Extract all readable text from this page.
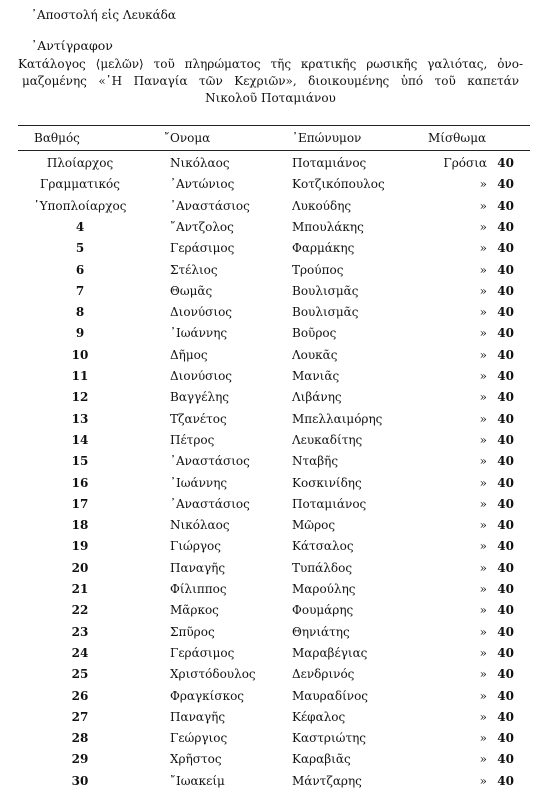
᾿Αποστολή εἰς Λευκάδα
᾿Αντίγραφον
Κατάλογος ⟨μελῶν⟩ τοῦ πληρώματος τῆς κρατικῆς ρωσικῆς γαλιότας, ὀνο-
μαζομένης «῾Η Παναγία τῶν Κεχριῶν», διοικουμένης ὑπό τοῦ καπετάν
Νικολοῦ Ποταμιάνου
Βαθμός	῎Ονομα	᾿Επώνυμον	Μίσθωμα
Πλοίαρχος	Νικόλαος	Ποταμιάνος	Γρόσια 40
Γραμματικός	᾿Αντώνιος	Κοτζικόπουλος	» 40
῾Υποπλοίαρχος	᾿Αναστάσιος	Λυκούδης	» 40
4	῎Αντζολος	Μπουλάκης	» 40
5	Γεράσιμος	Φαρμάκης	» 40
6	Στέλιος	Τρούπος	» 40
7	Θωμᾶς	Βουλισμᾶς	» 40
8	Διονύσιος	Βουλισμᾶς	» 40
9	᾿Ιωάννης	Βοῦρος	» 40
10	Δῆμος	Λουκᾶς	» 40
11	Διονύσιος	Μανιᾶς	» 40
12	Βαγγέλης	Λιβάνης	» 40
13	Τζανέτος	Μπελλαιμόρης	» 40
14	Πέτρος	Λευκαδίτης	» 40
15	᾿Αναστάσιος	Νταβῆς	» 40
16	᾿Ιωάννης	Κοσκινίδης	» 40
17	᾿Αναστάσιος	Ποταμιάνος	» 40
18	Νικόλαος	Μῶρος	» 40
19	Γιώργος	Κάτσαλος	» 40
20	Παναγῆς	Τυπάλδος	» 40
21	Φίλιππος	Μαρούλης	» 40
22	Μᾶρκος	Φουμάρης	» 40
23	Σπῦρος	Θηνιάτης	» 40
24	Γεράσιμος	Μαραβέγιας	» 40
25	Χριστόδουλος	Δενδρινός	» 40
26	Φραγκίσκος	Μαυραδίνος	» 40
27	Παναγῆς	Κέφαλος	» 40
28	Γεώργιος	Καστριώτης	» 40
29	Χρῆστος	Καραβιᾶς	» 40
30	῎Ιωακείμ	Μάντζαρης	» 40
